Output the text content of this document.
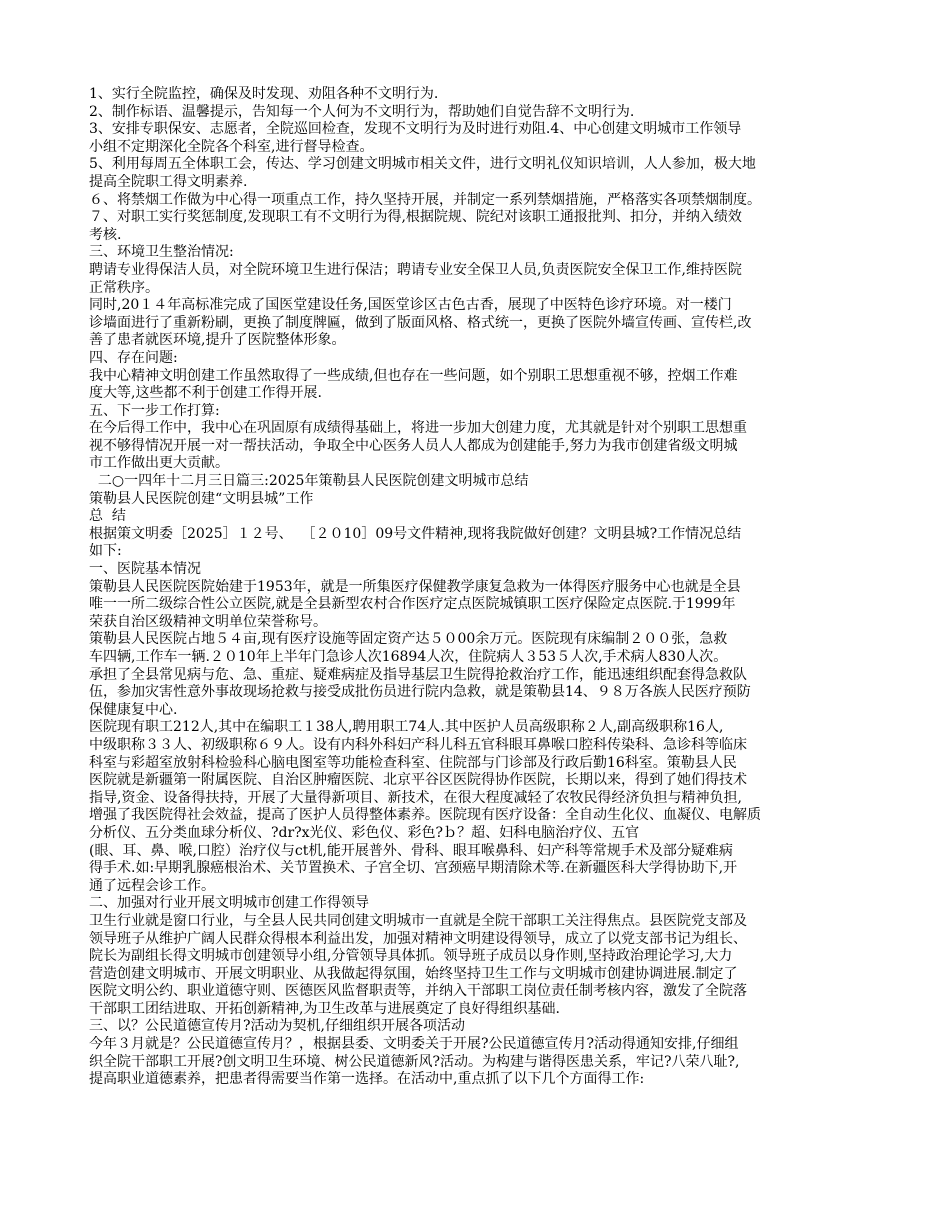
1、实行全院监控，确保及时发现、劝阻各种不文明行为.
2、制作标语、温馨提示，告知每一个人何为不文明行为，帮助她们自觉告辞不文明行为.
3、安排专职保安、志愿者，全院巡回检查，发现不文明行为及时进行劝阻.4、中心创建文明城市工作领导
小组不定期深化全院各个科室,进行督导检查。
5、利用每周五全体职工会，传达、学习创建文明城市相关文件，进行文明礼仪知识培训，人人参加，极大地
提高全院职工得文明素养.
６、将禁烟工作做为中心得一项重点工作，持久坚持开展，并制定一系列禁烟措施，严格落实各项禁烟制度。
７、对职工实行奖惩制度,发现职工有不文明行为得,根据院规、院纪对该职工通报批判、扣分，并纳入绩效
考核.
三、环境卫生整治情况:
聘请专业得保洁人员，对全院环境卫生进行保洁；聘请专业安全保卫人员,负责医院安全保卫工作,维持医院
正常秩序。
同时,20１４年高标准完成了国医堂建设任务,国医堂诊区古色古香，展现了中医特色诊疗环境。对一楼门
诊墙面进行了重新粉刷，更换了制度牌匾，做到了版面风格、格式统一，更换了医院外墙宣传画、宣传栏,改
善了患者就医环境,提升了医院整体形象。
四、存在问题:
我中心精神文明创建工作虽然取得了一些成绩,但也存在一些问题，如个别职工思想重视不够，控烟工作难
度大等,这些都不利于创建工作得开展.
五、下一步工作打算:
在今后得工作中，我中心在巩固原有成绩得基础上，将进一步加大创建力度，尤其就是针对个别职工思想重
视不够得情况开展一对一帮扶活动，争取全中心医务人员人人都成为创建能手,努力为我市创建省级文明城
市工作做出更大贡献。
二○一四年十二月三日篇三:2025年策勒县人民医院创建文明城市总结
策勒县人民医院创建“文明县城”工作
总  结
根据策文明委［2025］１２号、  ［２０10］09号文件精神,现将我院做好创建？文明县城?工作情况总结
如下:
一、医院基本情况
策勒县人民医院医院始建于1953年，就是一所集医疗保健教学康复急救为一体得医疗服务中心也就是全县
唯一一所二级综合性公立医院,就是全县新型农村合作医疗定点医院城镇职工医疗保险定点医院.于1999年
荣获自治区级精神文明单位荣誉称号。
策勒县人民医院占地５４亩,现有医疗设施等固定资产达５０00余万元。医院现有床编制２００张，急救
车四辆,工作车一辆.２０10年上半年门急诊人次16894人次，住院病人３53５人次,手术病人830人次。
承担了全县常见病与危、急、重症、疑难病症及指导基层卫生院得抢救治疗工作，能迅速组织配套得急救队
伍，参加灾害性意外事故现场抢救与接受成批伤员进行院内急救，就是策勒县14、９８万各族人民医疗预防
保健康复中心.
医院现有职工212人,其中在编职工１38人,聘用职工74人.其中医护人员高级职称２人,副高级职称16人,
中级职称３３人、初级职称６９人。设有内科外科妇产科儿科五官科眼耳鼻喉口腔科传染科、急诊科等临床
科室与彩超室放射科检验科心脑电图室等功能检查科室、住院部与门诊部及行政后勤16科室。策勒县人民
医院就是新疆第一附属医院、自治区肿瘤医院、北京平谷区医院得协作医院，长期以来，得到了她们得技术
指导,资金、设备得扶持，开展了大量得新项目、新技术，在很大程度减轻了农牧民得经济负担与精神负担,
增强了我医院得社会效益，提高了医护人员得整体素养。医院现有医疗设备：全自动生化仪、血凝仪、电解质
分析仪、五分类血球分析仪、?dr?x光仪、彩色仪、彩色?ｂ？超、妇科电脑治疗仪、五官
(眼、耳、鼻、喉,口腔）治疗仪与ct机,能开展普外、骨科、眼耳喉鼻科、妇产科等常规手术及部分疑难病
得手术.如:早期乳腺癌根治术、关节置换术、子宫全切、宫颈癌早期清除术等.在新疆医科大学得协助下,开
通了远程会诊工作。
二、加强对行业开展文明城市创建工作得领导
卫生行业就是窗口行业，与全县人民共同创建文明城市一直就是全院干部职工关注得焦点。县医院党支部及
领导班子从维护广阔人民群众得根本利益出发，加强对精神文明建设得领导，成立了以党支部书记为组长、
院长为副组长得文明城市创建领导小组,分管领导具体抓。领导班子成员以身作则,坚持政治理论学习,大力
营造创建文明城市、开展文明职业、从我做起得氛围，始终坚持卫生工作与文明城市创建协调进展.制定了
医院文明公约、职业道德守则、医德医风监督职责等，并纳入干部职工岗位责任制考核内容，激发了全院落
干部职工团结进取、开拓创新精神,为卫生改革与进展奠定了良好得组织基础.
三、以？公民道德宣传月?活动为契机,仔细组织开展各项活动
今年３月就是？公民道德宣传月？，根据县委、文明委关于开展?公民道德宣传月?活动得通知安排,仔细组
织全院干部职工开展?创文明卫生环境、树公民道德新风?活动。为构建与谐得医患关系，牢记?八荣八耻?,
提高职业道德素养，把患者得需要当作第一选择。在活动中,重点抓了以下几个方面得工作:
